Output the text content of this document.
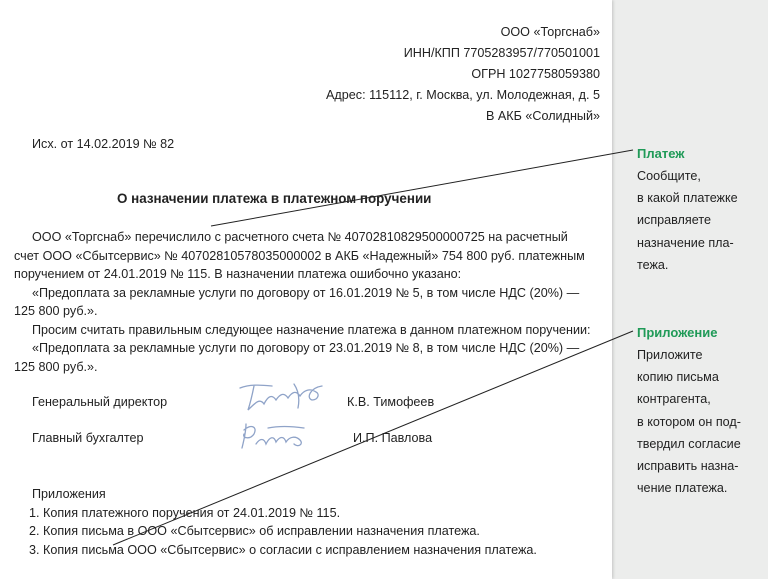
ООО «Торгснаб»
ИНН/КПП 7705283957/770501001
ОГРН 1027758059380
Адрес: 115112, г. Москва, ул. Молодежная, д. 5
В АКБ «Солидный»
Исх. от 14.02.2019 № 82
О назначении платежа в платежном поручении

ООО «Торгснаб» перечислило с расчетного счета № 40702810829500000725 на расчетный

счет ООО «Сбытсервис» № 40702810578035000002 в АКБ «Надежный» 754 800 руб. платежным

поручением от 24.01.2019 № 115. В назначении платежа ошибочно указано:

«Предоплата за рекламные услуги по договору от 16.01.2019 № 5, в том числе НДС (20%) —

125 800 руб.».

Просим считать правильным следующее назначение платежа в данном платежном поручении:

«Предоплата за рекламные услуги по договору от 23.01.2019 № 8, в том числе НДС (20%) —

125 800 руб.».

Генеральный директор	К.В. Тимофеев
Главный бухгалтер	И.П. Павлова

Приложения

1. Копия платежного поручения от 24.01.2019 № 115.

2. Копия письма в ООО «Сбытсервис» об исправлении назначения платежа.

3. Копия письма ООО «Сбытсервис» о согласии с исправлением назначения платежа.

Платеж
Сообщите,
в какой платежке
исправляете
назначение пла-
тежа.
Приложение
Приложите
копию письма
контрагента,
в котором он под-
твердил согласие
исправить назна-
чение платежа.
